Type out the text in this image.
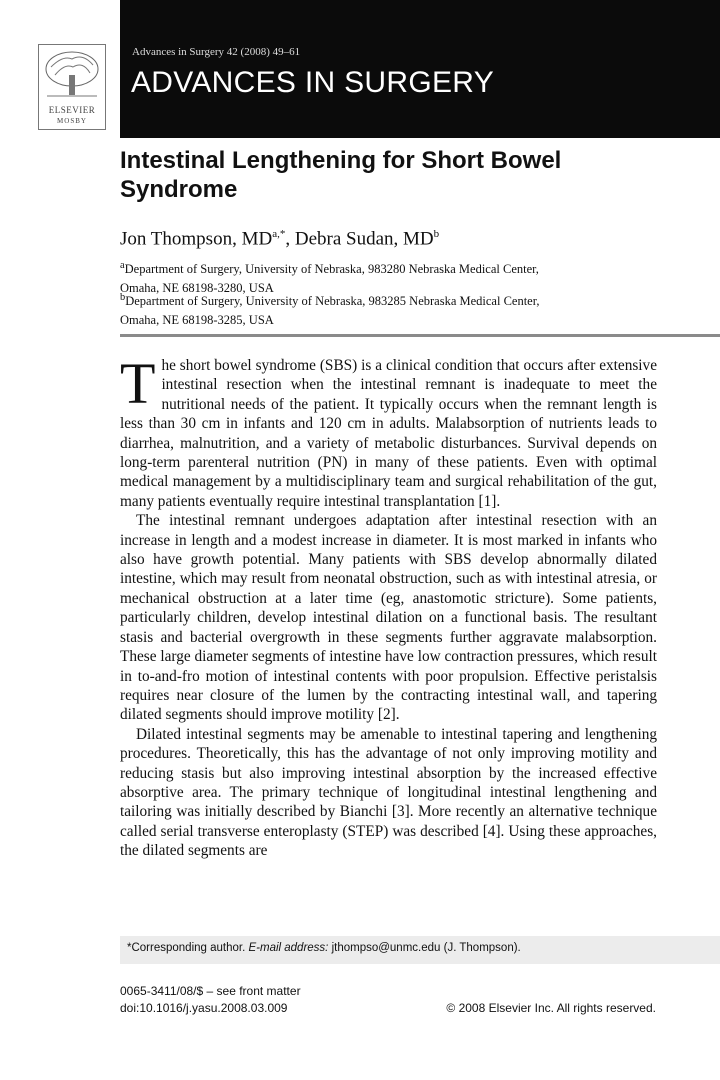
ELSEVIER
MOSBY
Advances in Surgery 42 (2008) 49–61
ADVANCES IN SURGERY
Intestinal Lengthening for Short Bowel Syndrome
Jon Thompson, $MD^{a,*}$, Debra Sudan, $MD^b$
$^a$Department of Surgery, University of Nebraska, 983280 Nebraska Medical Center,
Omaha, NE 68198-3280, USA
$^b$Department of Surgery, University of Nebraska, 983285 Nebraska Medical Center,
Omaha, NE 68198-3285, USA

The short bowel syndrome (SBS) is a clinical condition that occurs after extensive intestinal resection when the intestinal remnant is inadequate to meet the nutritional needs of the patient. It typically occurs when the remnant length is less than 30 cm in infants and 120 cm in adults. Malabsorption of nutrients leads to diarrhea, malnutrition, and a variety of metabolic disturbances. Survival depends on long-term parenteral nutrition (PN) in many of these patients. Even with optimal medical management by a multidisciplinary team and surgical rehabilitation of the gut, many patients eventually require intestinal transplantation [1].

The intestinal remnant undergoes adaptation after intestinal resection with an increase in length and a modest increase in diameter. It is most marked in infants who also have growth potential. Many patients with SBS develop abnormally dilated intestine, which may result from neonatal obstruction, such as with intestinal atresia, or mechanical obstruction at a later time (eg, anastomotic stricture). Some patients, particularly children, develop intestinal dilation on a functional basis. The resultant stasis and bacterial overgrowth in these segments further aggravate malabsorption. These large diameter segments of intestine have low contraction pressures, which result in to-and-fro motion of intestinal contents with poor propulsion. Effective peristalsis requires near closure of the lumen by the contracting intestinal wall, and tapering dilated segments should improve motility [2].

Dilated intestinal segments may be amenable to intestinal tapering and lengthening procedures. Theoretically, this has the advantage of not only improving motility and reducing stasis but also improving intestinal absorption by the increased effective absorptive area. The primary technique of longitudinal intestinal lengthening and tailoring was initially described by Bianchi [3]. More recently an alternative technique called serial transverse enteroplasty (STEP) was described [4]. Using these approaches, the dilated segments are

*Corresponding author. E-mail address: jthompso@unmc.edu (J. Thompson).
0065-3411/08/$ – see front matter
doi:10.1016/j.yasu.2008.03.009	© 2008 Elsevier Inc. All rights reserved.
